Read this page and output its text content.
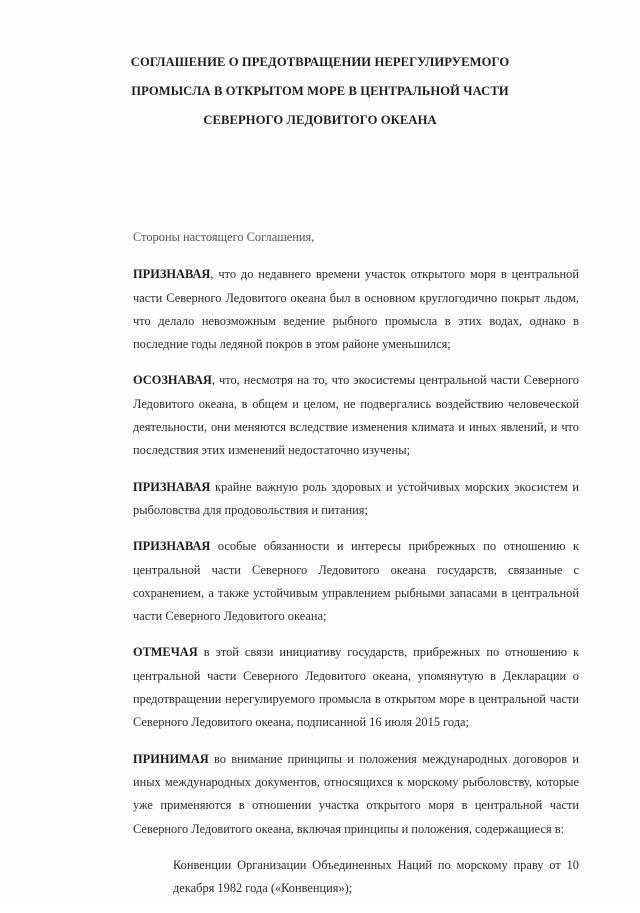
СОГЛАШЕНИЕ О ПРЕДОТВРАЩЕНИИ НЕРЕГУЛИРУЕМОГО
ПРОМЫСЛА В ОТКРЫТОМ МОРЕ В ЦЕНТРАЛЬНОЙ ЧАСТИ
СЕВЕРНОГО ЛЕДОВИТОГО ОКЕАНА

Стороны настоящего Соглашения,

ПРИЗНАВАЯ, что до недавнего времени участок открытого моря в центральной части Северного Ледовитого океана был в основном круглогодично покрыт льдом, что делало невозможным ведение рыбного промысла в этих водах, однако в последние годы ледяной покров в этом районе уменьшился;

ОСОЗНАВАЯ, что, несмотря на то, что экосистемы центральной части Северного Ледовитого океана, в общем и целом, не подвергались воздействию человеческой деятельности, они меняются вследствие изменения климата и иных явлений, и что последствия этих изменений недостаточно изучены;

ПРИЗНАВАЯ крайне важную роль здоровых и устойчивых морских экосистем и рыболовства для продовольствия и питания;

ПРИЗНАВАЯ особые обязанности и интересы прибрежных по отношению к центральной части Северного Ледовитого океана государств, связанные с сохранением, а также устойчивым управлением рыбными запасами в центральной части Северного Ледовитого океана;

ОТМЕЧАЯ в этой связи инициативу государств, прибрежных по отношению к центральной части Северного Ледовитого океана, упомянутую в Декларации о предотвращении нерегулируемого промысла в открытом море в центральной части Северного Ледовитого океана, подписанной 16 июля 2015 года;

ПРИНИМАЯ во внимание принципы и положения международных договоров и иных международных документов, относящихся к морскому рыболовству, которые уже применяются в отношении участка открытого моря в центральной части Северного Ледовитого океана, включая принципы и положения, содержащиеся в:

Конвенции Организации Объединенных Наций по морскому праву от 10 декабря 1982 года («Конвенция»);
